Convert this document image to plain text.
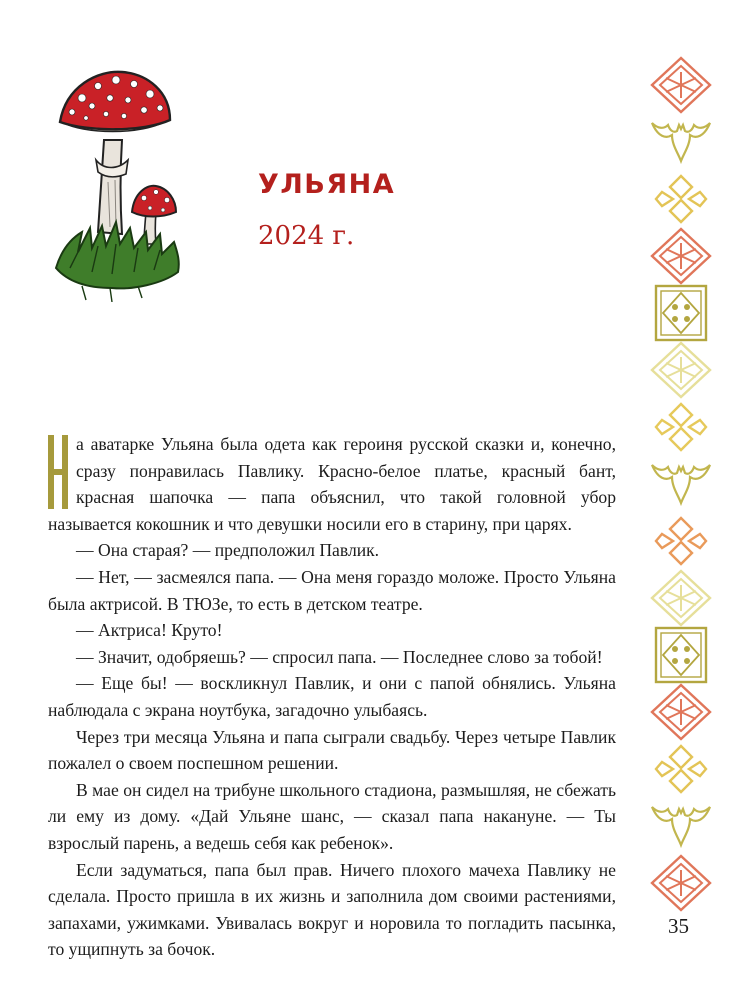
УЛЬЯНА
2024 г.

а аватарке Ульяна была одета как героиня русской сказки и, конечно, сразу понравилась Павлику. Красно-белое платье, красный бант, красная шапочка — папа объяснил, что такой головной убор называется кокошник и что девушки носили его в старину, при царях.

— Она старая? — предположил Павлик.

— Нет, — засмеялся папа. — Она меня гораздо моложе. Просто Ульяна была актрисой. В ТЮЗе, то есть в детском театре.

— Актриса! Круто!

— Значит, одобряешь? — спросил папа. — Последнее слово за тобой!

— Еще бы! — воскликнул Павлик, и они с папой обнялись. Ульяна наблюдала с экрана ноутбука, загадочно улыбаясь.

Через три месяца Ульяна и папа сыграли свадьбу. Через четыре Павлик пожалел о своем поспешном решении.

В мае он сидел на трибуне школьного стадиона, размышляя, не сбежать ли ему из дому. «Дай Ульяне шанс, — сказал папа накануне. — Ты взрослый парень, а ведешь себя как ребенок».

Если задуматься, папа был прав. Ничего плохого мачеха Павлику не сделала. Просто пришла в их жизнь и заполнила дом своими растениями, запахами, ужимками. Увивалась вокруг и норовила то погладить пасынка, то ущипнуть за бочок.

35
